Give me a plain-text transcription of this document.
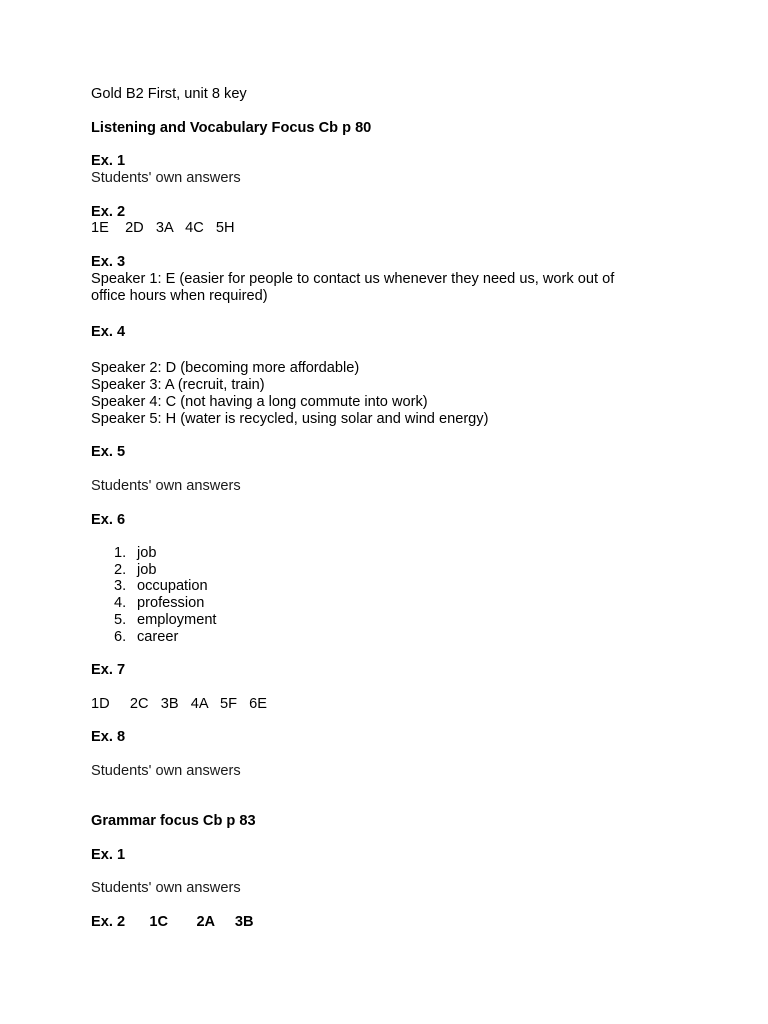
Gold B2 First, unit 8 key
Listening and Vocabulary Focus Cb p 80
Ex. 1
Students' own answers
Ex. 2
1E    2D   3A   4C   5H
Ex. 3
Speaker 1: E (easier for people to contact us whenever they need us, work out of
office hours when required)
Ex. 4
Speaker 2: D (becoming more affordable)
Speaker 3: A (recruit, train)
Speaker 4: C (not having a long commute into work)
Speaker 5: H (water is recycled, using solar and wind energy)
Ex. 5
Students' own answers
Ex. 6
1. job
2. job
3. occupation
4. profession
5. employment
6. career
Ex. 7
1D     2C   3B   4A   5F   6E
Ex. 8
Students' own answers
Grammar focus Cb p 83
Ex. 1
Students' own answers
Ex. 2      1C       2A     3B
